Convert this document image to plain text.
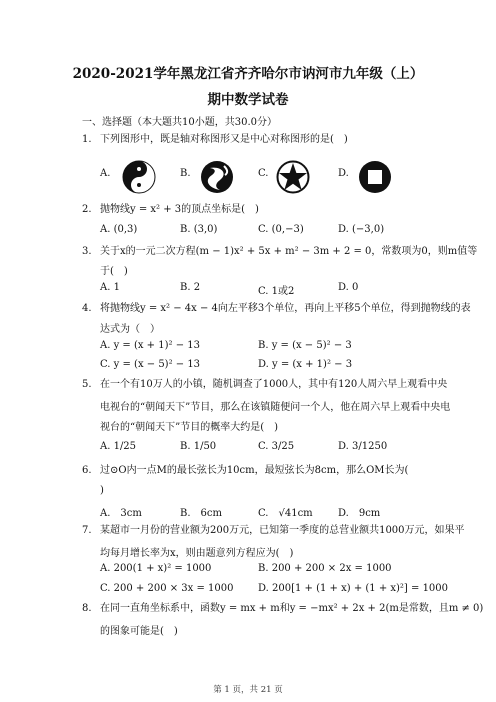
2020-2021学年黑龙江省齐齐哈尔市讷河市九年级（上）
期中数学试卷
一、选择题（本大题共10小题，共30.0分）
1. 下列图形中，既是轴对称图形又是中心对称图形的是(　)
A.	B.	C.	D.
2. 抛物线y = x² + 3的顶点坐标是(　)
A. (0,3)	B. (3,0)	C. (0,−3)	D. (−3,0)
3. 关于x的一元二次方程(m − 1)x² + 5x + m² − 3m + 2 = 0，常数项为0，则m值等
于(　)
A. 1	B. 2	C. 1或2	D. 0
4. 将抛物线y = x² − 4x − 4向左平移3个单位，再向上平移5个单位，得到抛物线的表
达式为（　）
A. y = (x + 1)² − 13	B. y = (x − 5)² − 3
C. y = (x − 5)² − 13	D. y = (x + 1)² − 3
5. 在一个有10万人的小镇，随机调查了1000人，其中有120人周六早上观看中央
电视台的“朝闻天下”节目，那么在该镇随便问一个人，他在周六早上观看中央电
视台的“朝闻天下”节目的概率大约是(　)
A. 1/25	B. 1/50	C. 3/25	D. 3/1250
6. 过⊙O内一点M的最长弦长为10cm，最短弦长为8cm，那么OM长为(
)
A.　3cm	B.　6cm	C.　√41cm	D.　9cm
7. 某超市一月份的营业额为200万元，已知第一季度的总营业额共1000万元，如果平
均每月增长率为x，则由题意列方程应为(　)
A. 200(1 + x)² = 1000	B. 200 + 200 × 2x = 1000
C. 200 + 200 × 3x = 1000 D. 200[1 + (1 + x) + (1 + x)²] = 1000
8. 在同一直角坐标系中，函数y = mx + m和y = −mx² + 2x + 2(m是常数，且m ≠ 0)
的图象可能是(　)
第 1 页，共 21 页
